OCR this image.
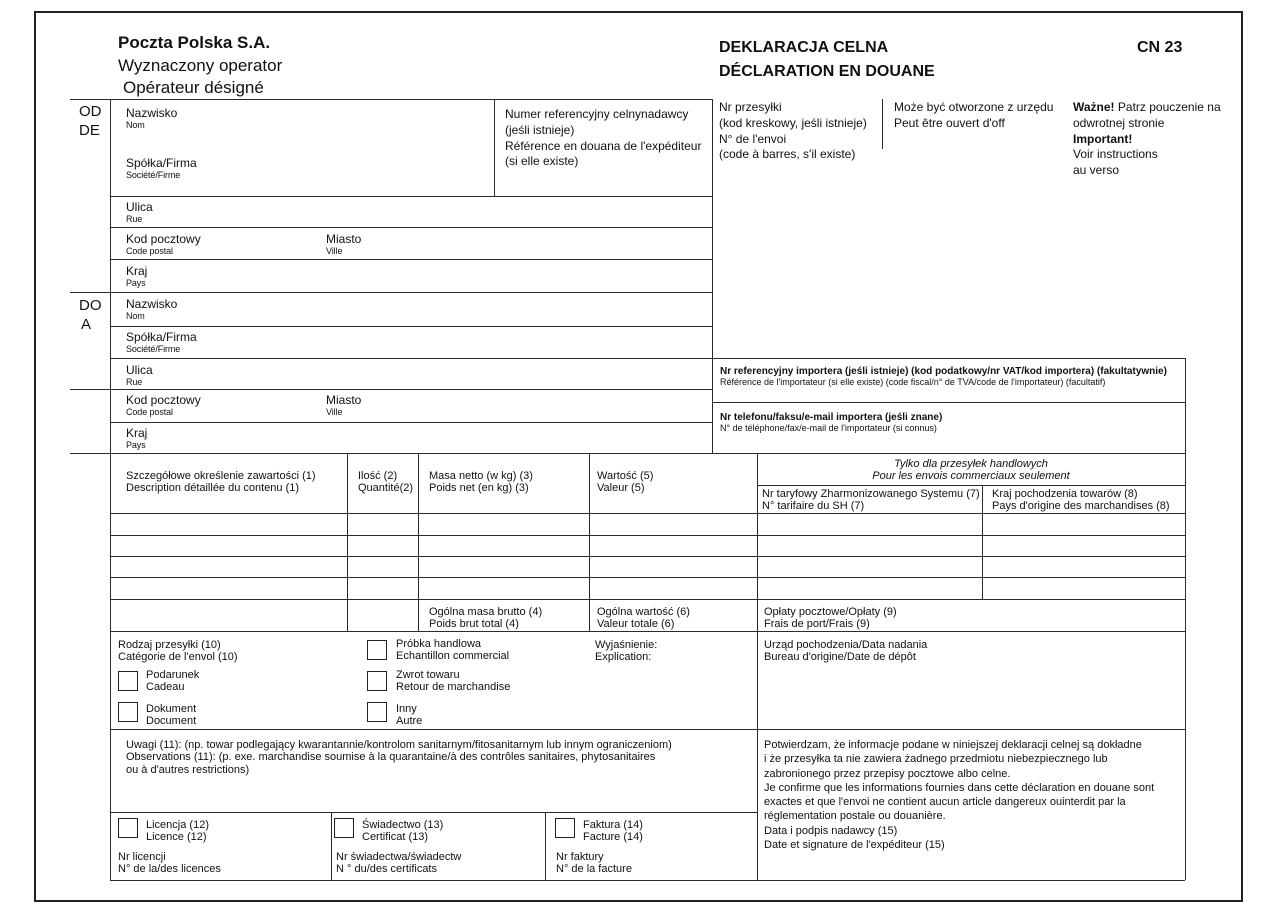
Poczta Polska S.A.
Wyznaczony operator
Opérateur désigné
DEKLARACJA CELNA
DÉCLARATION EN DOUANE
CN 23
OD
DE
Nazwisko
Nom
Spółka/Firma
Société/Firme
Ulica
Rue
Kod pocztowy
Code postal
Miasto
Ville
Kraj
Pays
Numer referencyjny celnynadawcy
(jeśli istnieje)
Référence en douana de l'expéditeur
(si elle existe)
Nr przesyłki
(kod kreskowy, jeśli istnieje)
N° de l'envoi
(code à barres, s'il existe)
Może być otworzone z urzędu
Peut être ouvert d'off
Ważne! Patrz pouczenie na
odwrotnej stronie
Important!
Voir instructions
au verso
DO
A
Nazwisko
Nom
Spółka/Firma
Société/Firme
Ulica
Rue
Kod pocztowy
Code postal
Miasto
Ville
Kraj
Pays
Nr referencyjny importera (jeśli istnieje) (kod podatkowy/nr VAT/kod importera) (fakultatywnie)
Référence de l'importateur (si elle existe) (code fiscal/n° de TVA/code de l'importateur) (facultatif)
Nr telefonu/faksu/e-mail importera (jeśli znane)
N° de téléphone/fax/e-mail de l'importateur (si connus)
Szczegółowe określenie zawartości (1)
Description détaillée du contenu (1)
Ilość (2)
Quantité(2)
Masa netto (w kg) (3)
Poids net (en kg) (3)
Wartość (5)
Valeur (5)
Tylko dla przesyłek handlowych
Pour les envois commerciaux seulement
Nr taryfowy Zharmonizowanego Systemu (7)
N° tarifaire du SH (7)
Kraj pochodzenia towarów (8)
Pays d'origine des marchandises (8)
Ogólna masa brutto (4)
Poids brut total (4)
Ogólna wartość (6)
Valeur totale (6)
Opłaty pocztowe/Opłaty (9)
Frais de port/Frais (9)
Rodzaj przesyłki (10)
Catégorie de l'envol (10)
Podarunek
Cadeau
Dokument
Document
Próbka handlowa
Echantillon commercial
Zwrot towaru
Retour de marchandise
Inny
Autre
Wyjaśnienie:
Explication:
Urząd pochodzenia/Data nadania
Bureau d'origine/Date de dépôt
Uwagi (11): (np. towar podlegający kwarantannie/kontrolom sanitarnym/fitosanitarnym lub innym ograniczeniom)
Observations (11): (p. exe. marchandise soumise à la quarantaine/à des contrôles sanitaires, phytosanitaires
ou à d'autres restrictions)
Potwierdzam, że informacje podane w niniejszej deklaracji celnej są dokładne
i że przesyłka ta nie zawiera żadnego przedmiotu niebezpiecznego lub
zabronionego przez przepisy pocztowe albo celne.
Je confirme que les informations fournies dans cette déclaration en douane sont
exactes et que l'envoi ne contient aucun article dangereux ouinterdit par la
réglementation postale ou douanière.
Data i podpis nadawcy (15)
Date et signature de l'expéditeur (15)
Licencja (12)
Licence (12)
Świadectwo (13)
Certificat (13)
Faktura (14)
Facture (14)
Nr licencji
N° de la/des licences
Nr świadectwa/świadectw
N ° du/des certificats
Nr faktury
N° de la facture
